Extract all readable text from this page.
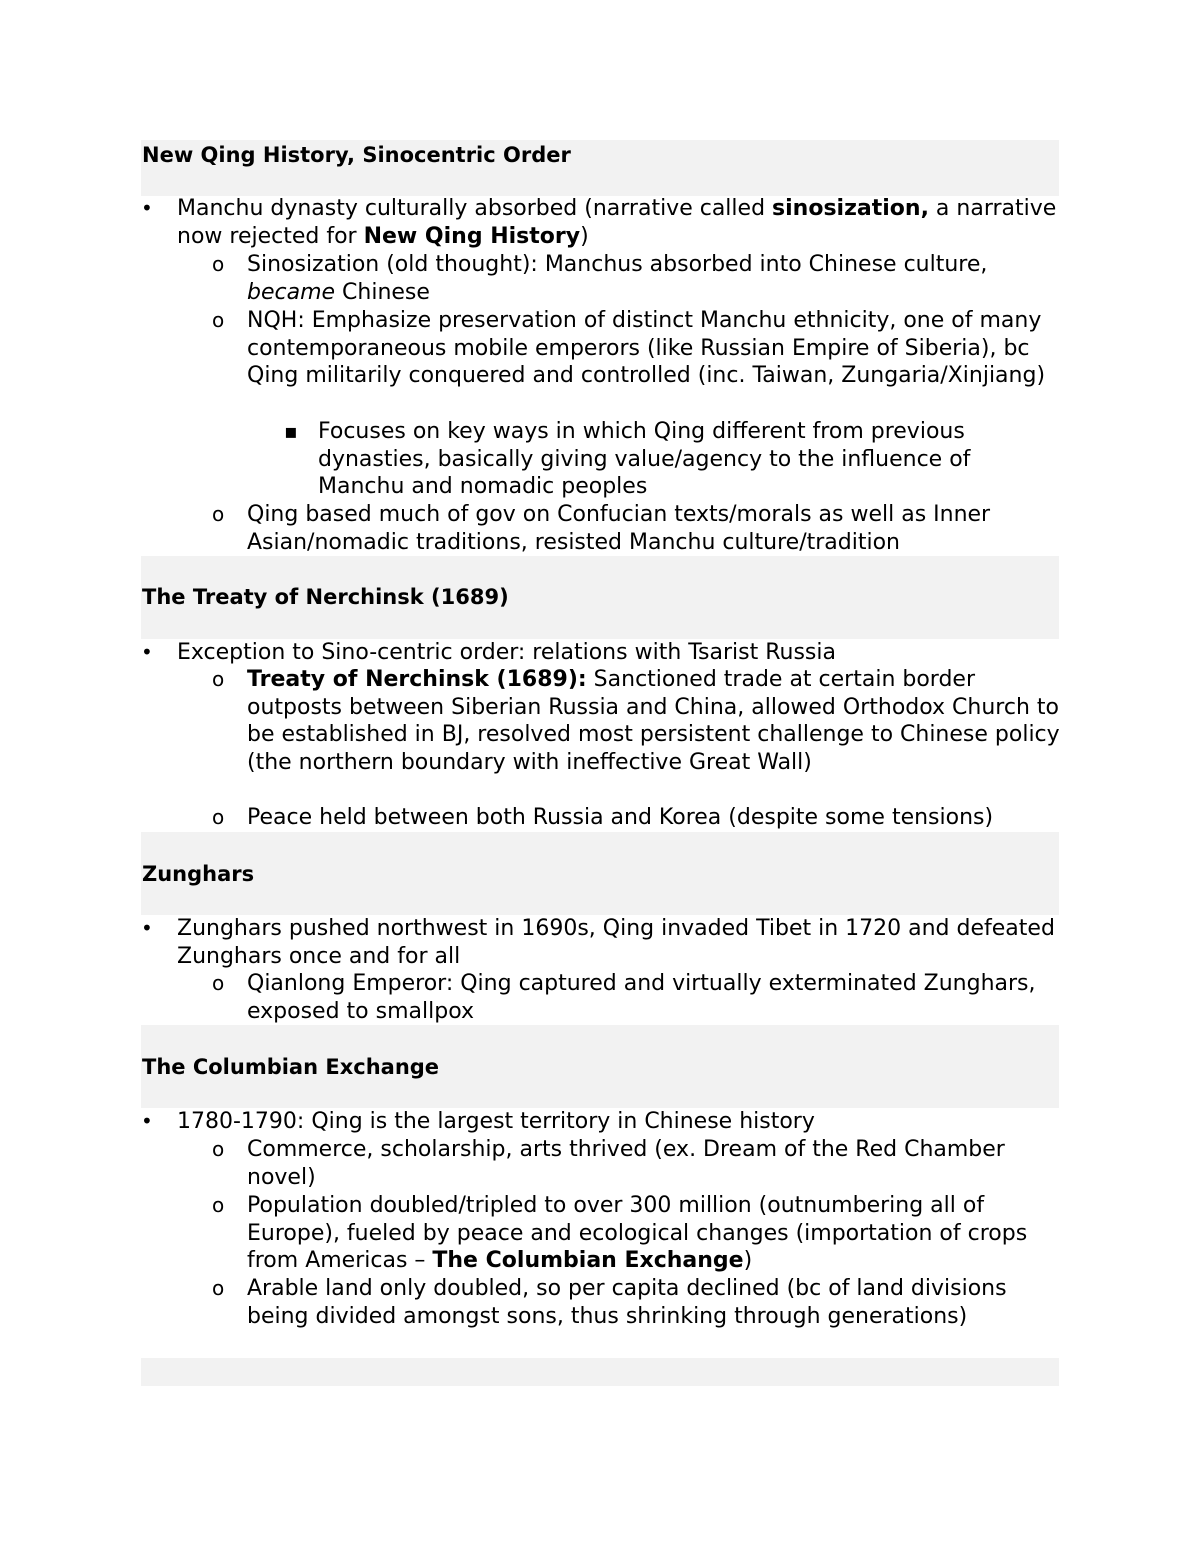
New Qing History, Sinocentric Order
•
Manchu dynasty culturally absorbed (narrative called sinosization, a narrative now rejected for New Qing History)
o
Sinosization (old thought): Manchus absorbed into Chinese culture, became Chinese
o
NQH: Emphasize preservation of distinct Manchu ethnicity, one of many contemporaneous mobile emperors (like Russian Empire of Siberia), bc Qing militarily conquered and controlled (inc. Taiwan, Zungaria/Xinjiang)
▪
Focuses on key ways in which Qing different from previous dynasties, basically giving value/agency to the influence of Manchu and nomadic peoples
o
Qing based much of gov on Confucian texts/morals as well as Inner Asian/nomadic traditions, resisted Manchu culture/tradition
The Treaty of Nerchinsk (1689)
•
Exception to Sino-centric order: relations with Tsarist Russia
o
Treaty of Nerchinsk (1689): Sanctioned trade at certain border outposts between Siberian Russia and China, allowed Orthodox Church to be established in BJ, resolved most persistent challenge to Chinese policy (the northern boundary with ineffective Great Wall)
o
Peace held between both Russia and Korea (despite some tensions)
Zunghars
•
Zunghars pushed northwest in 1690s, Qing invaded Tibet in 1720 and defeated Zunghars once and for all
o
Qianlong Emperor: Qing captured and virtually exterminated Zunghars, exposed to smallpox
The Columbian Exchange
•
1780-1790: Qing is the largest territory in Chinese history
o
Commerce, scholarship, arts thrived (ex. Dream of the Red Chamber novel)
o
Population doubled/tripled to over 300 million (outnumbering all of Europe), fueled by peace and ecological changes (importation of crops from Americas – The Columbian Exchange)
o
Arable land only doubled, so per capita declined (bc of land divisions being divided amongst sons, thus shrinking through generations)
